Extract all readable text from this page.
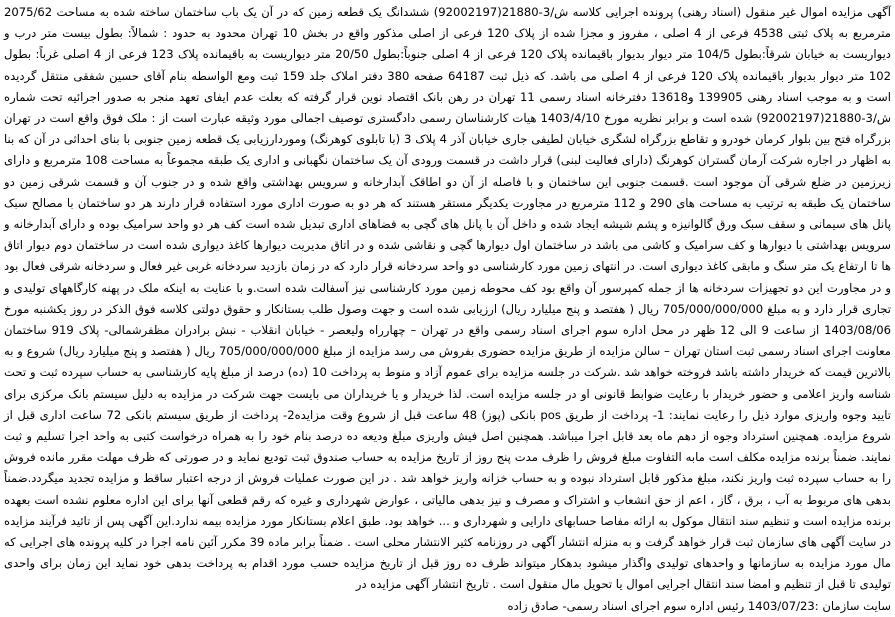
آگهی مزایده اموال غیر منقول (اسناد رهنی) پرونده اجرایی کلاسه ش/3-21880(92002197) ششدانگ یک قطعه زمین که در آن یک باب ساختمان ساخته شده به مساحت 2075/62 مترمربع به پلاک ثبتی 4538 فرعی از 4 اصلی ، مفروز و مجزا شده از پلاک 120 فرعی از اصلی مذکور واقع در بخش 10 تهران محدود به حدود : شمالاً: بطول بیست متر درب و دیواریست به خیابان شرقاً:بطول 104/5 متر دیوار بدیوار باقیمانده پلاک 120 فرعی از 4 اصلی جنوباً:بطول 20/50 متر دیواریست به باقیمانده پلاک 123 فرعی از 4 اصلی غرباً: بطول 102 متر دیوار بدیوار باقیمانده پلاک 120 فرعی از 4 اصلی می باشد. که ذیل ثبت 64187 صفحه 380 دفتر املاک جلد 159 ثبت ومع الواسطه بنام آقای حسین شفقی منتقل گردیده است و به موجب اسناد رهنی 139905 و13618 دفترخانه اسناد رسمی 11 تهران در رهن بانک اقتصاد نوین قرار گرفته که بعلت عدم ایفای تعهد منجر به صدور اجرائیه تحت شماره ش/3-21880(92002197) شده است و برابر نظریه مورخ 1403/4/10 هیات کارشناسان رسمی دادگستری توصیف اجمالی مورد وثیقه عبارت است از : ملک فوق واقع است در تهران بزرگراه فتح بین بلوار کرمان خودرو و تقاطع بزرگراه لشگری خیابان لطیفی جاری خیابان آذر 4 پلاک 3 (با تابلوی کوهرنگ) وموردارزیابی یک قطعه زمین جنوبی با بنای احداثی در آن که بنا به اظهار در اجاره شرکت آرمان گستران کوهرنگ (دارای فعالیت لبنی) قرار داشت در قسمت ورودی آن یک ساختمان نگهبانی و اداری یک طبقه مجموعاً به مساحت 108 مترمربع و دارای زیرزمین در ضلع شرقی آن موجود است .قسمت جنوبی این ساختمان و با فاصله از آن دو اطاقک آبدارخانه و سرویس بهداشتی واقع شده و در جنوب آن و قسمت شرقی زمین دو ساختمان یک طبقه به ترتیب به مساحت های 290 و 112 مترمربع در مجاورت یکدیگر مستقر هستند که هر دو به صورت اداری مورد استفاده قرار دارند هر دو ساختمان با مصالح سبک پانل های سیمانی و سقف سبک ورق گالوانیزه و پشم شیشه ایجاد شده و داخل آن با پانل های گچی به فضاهای اداری تبدیل شده است کف هر دو واحد سرامیک بوده و دارای آبدارخانه و سرویس بهداشتی با دیوارها و کف سرامیک و کاشی می باشد در ساختمان اول دیوارها گچی و نقاشی شده و در اتاق مدیریت دیوارها کاغذ دیواری شده است در ساختمان دوم دیوار اتاق ها تا ارتفاع یک متر سنگ و مابقی کاغذ دیواری است. در انتهای زمین مورد کارشناسی دو واحد سردخانه قرار دارد که در زمان بازدید سردخانه غربی غیر فعال و سردخانه شرقی فعال بود و در مجاورت این دو تجهیزات سردخانه ها از جمله کمپرسور آن واقع بود کف محوطه زمین مورد کارشناسی نیز آسفالت شده است.و با عنایت به اینکه ملک در پهنه کارگاههای تولیدی و تجاری قرار دارد و به مبلغ 705/000/000/000 ریال ( هفتصد و پنج میلیارد ریال) ارزیابی شده است و جهت وصول طلب بستانکار و حقوق دولتی کلاسه فوق الذکر در روز یکشنبه مورخ 1403/08/06 از ساعت 9 الی 12 ظهر در محل اداره سوم اجرای اسناد رسمی واقع در تهران – چهارراه ولیعصر - خیابان انقلاب - نبش برادران مظفرشمالی- پلاک 919 ساختمان معاونت اجرای اسناد رسمی ثبت استان تهران – سالن مزایده از طریق مزایده حضوری بفروش می رسد مزایده از مبلغ 705/000/000/000 ریال ( هفتصد و پنج میلیارد ریال) شروع و به بالاترین قیمت که خریدار داشته باشد فروخته خواهد شد .شرکت در جلسه مزایده برای عموم آزاد و منوط به پرداخت 10 (ده) درصد از مبلغ پایه کارشناسی به حساب سپرده ثبت و تحت شناسه واریز اعلامی و حضور خریدار با رعایت ضوابط قانونی او در جلسه مزایده است. لذا خریدار و یا خریداران می بایست جهت شرکت در مزایده به دلیل سیستم بانک مرکزی برای تایید وجوه واریزی موارد ذیل را رعایت نمایند: 1- پرداخت از طریق pos بانکی (پوز) 48 ساعت قبل از شروع وقت مزایده2- پرداخت از طریق سیستم بانکی 72 ساعت اداری قبل از شروع مزایده. همچنین استرداد وجوه از دهم ماه بعد قابل اجرا میباشد. همچنین اصل فیش واریزی مبلغ ودیعه ده درصد بنام خود را به همراه درخواست کتبی به واحد اجرا تسلیم و ثبت نمایند. ضمناً برنده مزایده مکلف است مابه التفاوت مبلغ فروش را ظرف مدت پنج روز از تاریخ مزایده به حساب صندوق ثبت تودیع نماید و در صورتی که ظرف مهلت مقرر مانده فروش را به حساب سپرده ثبت واریز نکند، مبلغ مذکور قابل استرداد نبوده و به حساب خزانه واریز خواهد شد . در این صورت عملیات فروش از درجه اعتبار ساقط و مزایده تجدید میگردد.ضمناً بدهی های مربوط به آب ، برق ، گاز ، اعم از حق انشعاب و اشتراک و مصرف و نیز بدهی مالیاتی ، عوارض شهرداری و غیره که رقم قطعی آنها برای این اداره معلوم نشده است بعهده برنده مزایده است و تنظیم سند انتقال موکول به ارائه مفاصا حسابهای دارایی و شهرداری و ... خواهد بود. طبق اعلام بستانکار مورد مزایده بیمه ندارد.این آگهی پس از تائید فرآیند مزایده در سایت آگهی های سازمان ثبت قرار خواهد گرفت و به منزله انتشار آگهی در روزنامه کثیر الانتشار محلی است . ضمناً برابر ماده 39 مکرر آئین نامه اجرا در کلیه پرونده های اجرایی که مال مورد مزایده به سازمانها و واحدهای تولیدی واگذار میشود بدهکار میتواند ظرف ده روز قبل از تاریخ مزایده حسب مورد اقدام به پرداخت بدهی خود نماید این زمان برای واحدی تولیدی تا قبل از تنظیم و امضا سند انتقال اجرایی اموال یا تحویل مال منقول است . تاریخ انتشار آگهی مزایده در

سایت سازمان :1403/07/23 رئیس اداره سوم اجرای اسناد رسمی- صادق زاده
